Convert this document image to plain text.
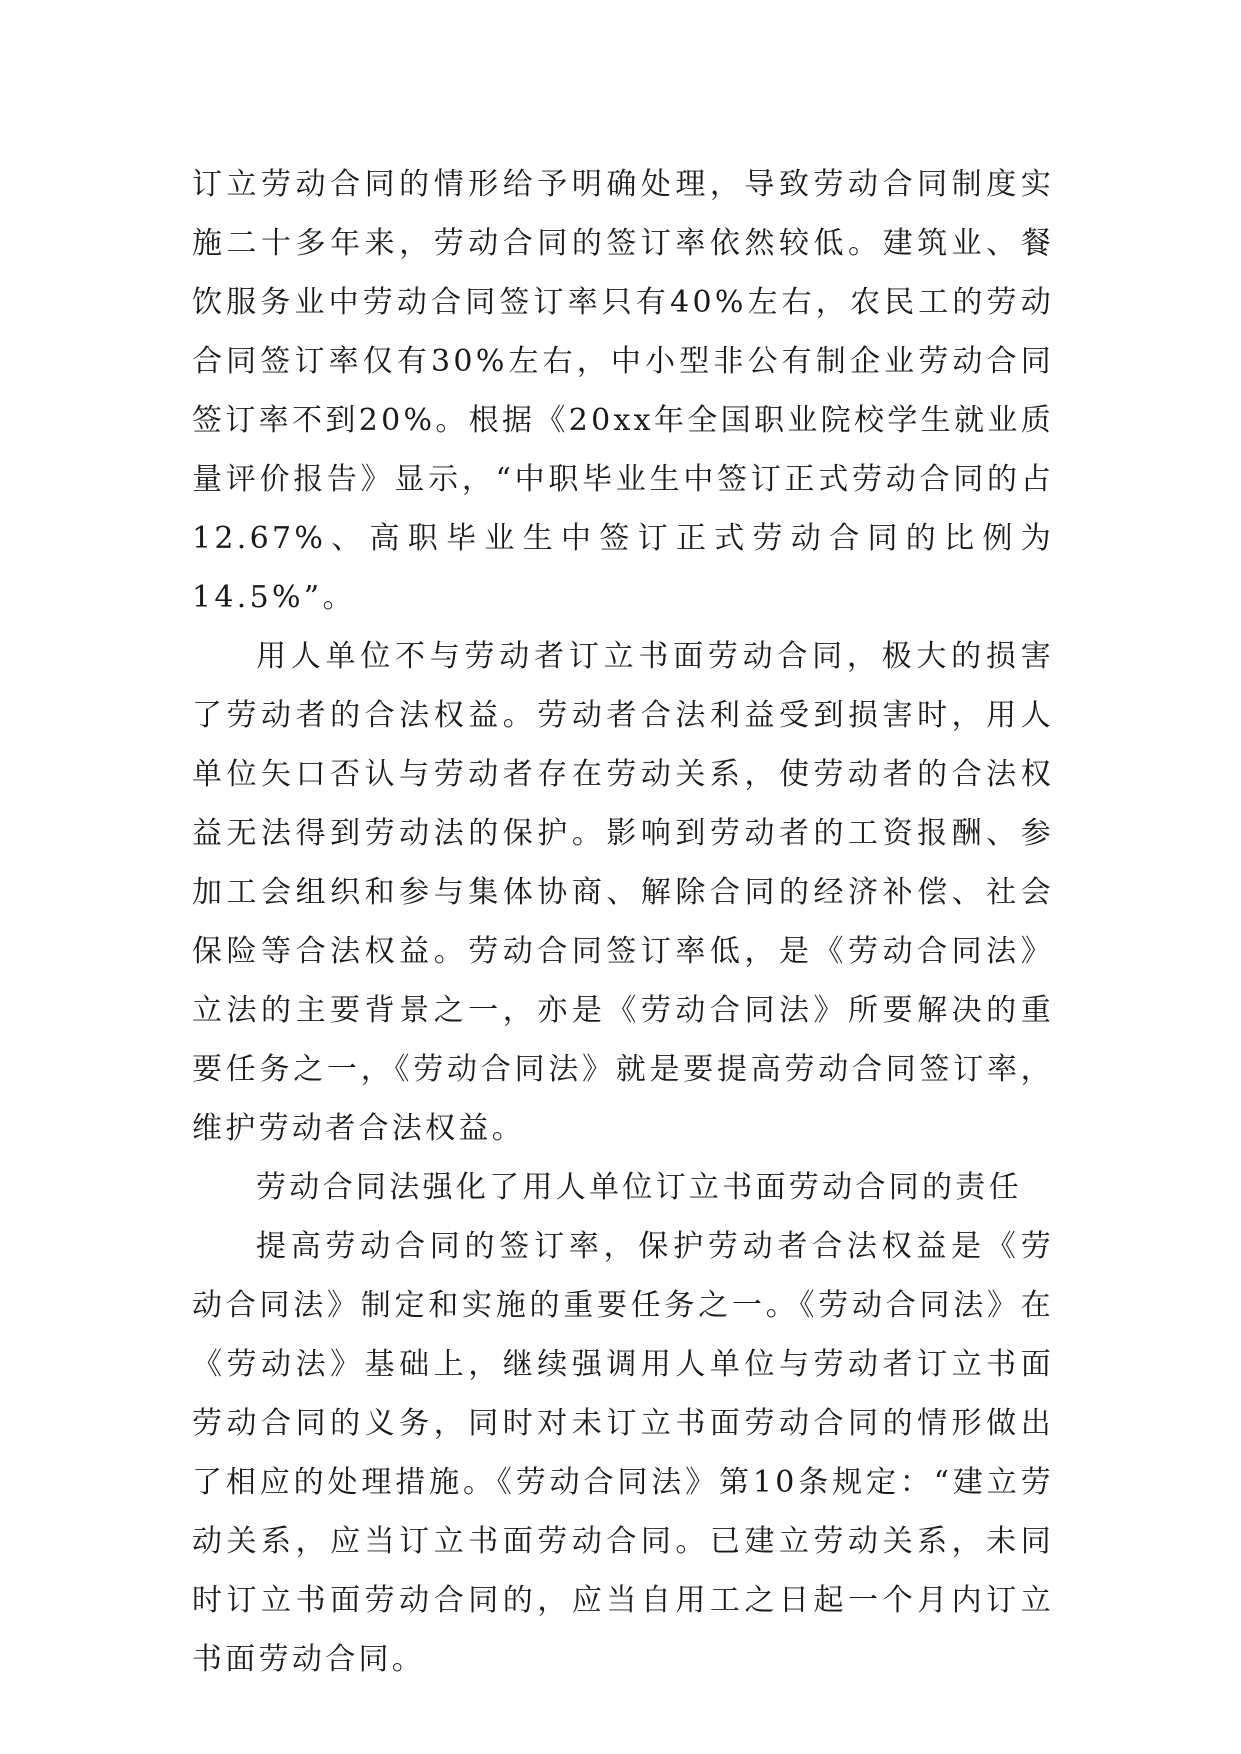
订立劳动合同的情形给予明确处理，导致劳动合同制度实施二十多年来，劳动合同的签订率依然较低。建筑业、餐饮服务业中劳动合同签订率只有40%左右，农民工的劳动合同签订率仅有30%左右，中小型非公有制企业劳动合同签订率不到20%。根据《20xx年全国职业院校学生就业质量评价报告》显示，“中职毕业生中签订正式劳动合同的占12.67%、高职毕业生中签订正式劳动合同的比例为14.5%”。

用人单位不与劳动者订立书面劳动合同，极大的损害了劳动者的合法权益。劳动者合法利益受到损害时，用人单位矢口否认与劳动者存在劳动关系，使劳动者的合法权益无法得到劳动法的保护。影响到劳动者的工资报酬、参加工会组织和参与集体协商、解除合同的经济补偿、社会保险等合法权益。劳动合同签订率低，是《劳动合同法》立法的主要背景之一，亦是《劳动合同法》所要解决的重要任务之一，《劳动合同法》就是要提高劳动合同签订率，维护劳动者合法权益。

劳动合同法强化了用人单位订立书面劳动合同的责任

提高劳动合同的签订率，保护劳动者合法权益是《劳动合同法》制定和实施的重要任务之一。《劳动合同法》在《劳动法》基础上，继续强调用人单位与劳动者订立书面劳动合同的义务，同时对未订立书面劳动合同的情形做出了相应的处理措施。《劳动合同法》第10条规定：“建立劳动关系，应当订立书面劳动合同。已建立劳动关系，未同时订立书面劳动合同的，应当自用工之日起一个月内订立书面劳动合同。
